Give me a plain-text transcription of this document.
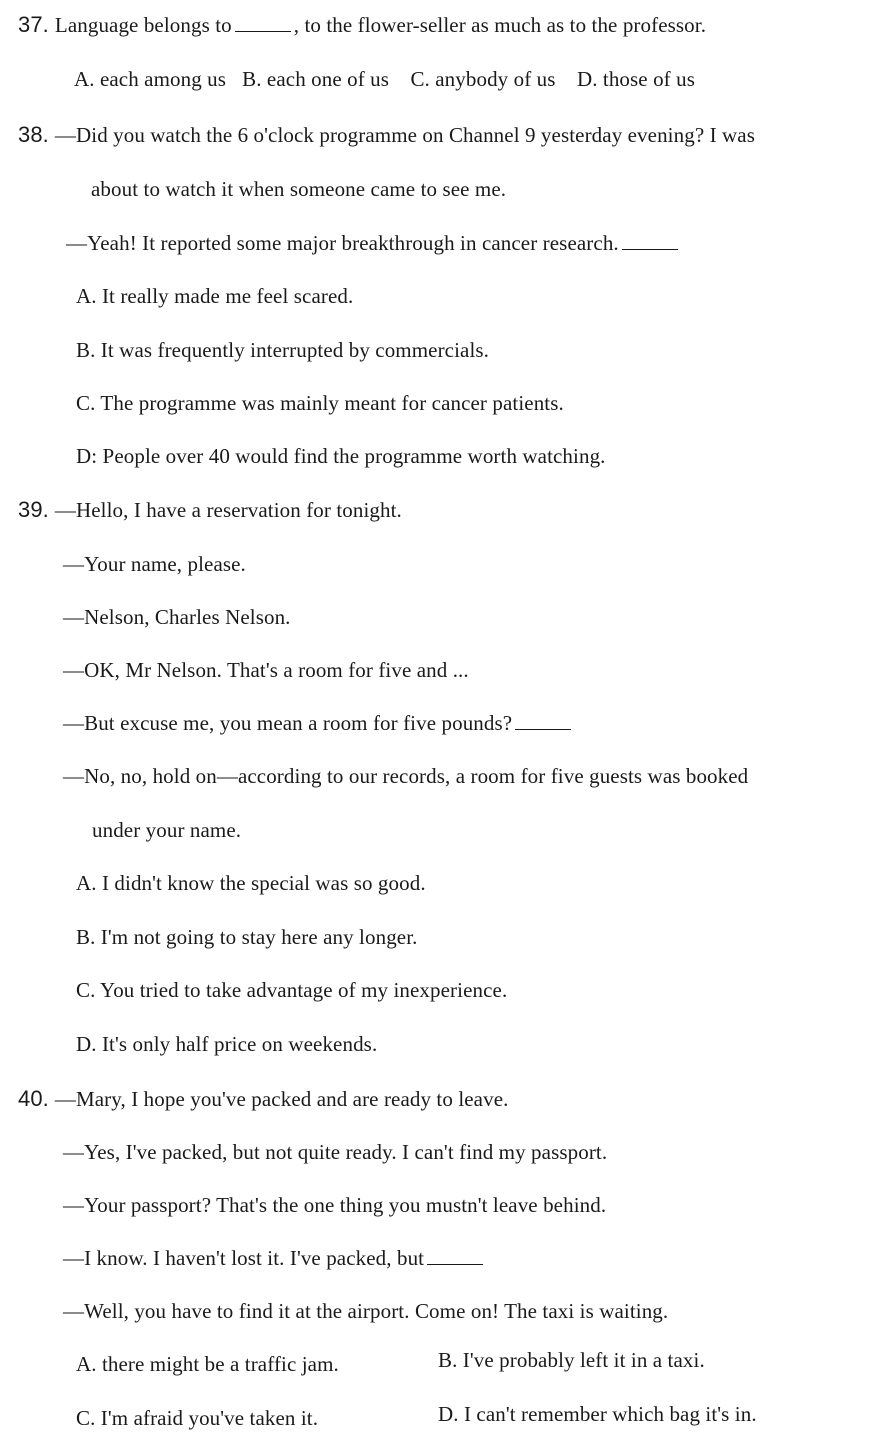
37. Language belongs to	, to the flower-seller as much as to the professor.
A. each among us B. each one of us C. anybody of us D. those of us
38. —Did you watch the 6 o'clock programme on Channel 9 yesterday evening? I was
about to watch it when someone came to see me.
—Yeah! It reported some major breakthrough in cancer research.
A. It really made me feel scared.
B. It was frequently interrupted by commercials.
C. The programme was mainly meant for cancer patients.
D: People over 40 would find the programme worth watching.
39. —Hello, I have a reservation for tonight.
—Your name, please.
—Nelson, Charles Nelson.
—OK, Mr Nelson. That's a room for five and ...
—But excuse me, you mean a room for five pounds?
—No, no, hold on—according to our records, a room for five guests was booked
under your name.
A. I didn't know the special was so good.
B. I'm not going to stay here any longer.
C. You tried to take advantage of my inexperience.
D. It's only half price on weekends.
40. —Mary, I hope you've packed and are ready to leave.
—Yes, I've packed, but not quite ready. I can't find my passport.
—Your passport? That's the one thing you mustn't leave behind.
—I know. I haven't lost it. I've packed, but
—Well, you have to find it at the airport. Come on! The taxi is waiting.
A. there might be a traffic jam.	B. I've probably left it in a taxi.
C. I'm afraid you've taken it.	D. I can't remember which bag it's in.
